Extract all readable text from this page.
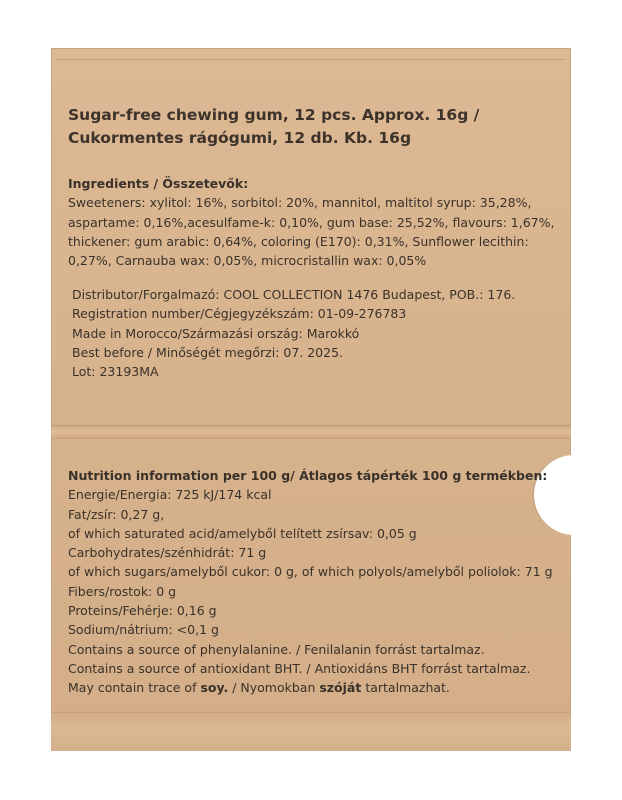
Sugar-free chewing gum, 12 pcs. Approx. 16g / Cukormentes rágógumi, 12 db. Kb. 16g
Ingredients / Összetevők:
Sweeteners: xylitol: 16%, sorbitol: 20%, mannitol, maltitol syrup: 35,28%,
aspartame: 0,16%,acesulfame-k: 0,10%, gum base: 25,52%, flavours: 1,67%,
thickener: gum arabic: 0,64%, coloring (E170): 0,31%, Sunflower lecithin:
0,27%, Carnauba wax: 0,05%, microcristallin wax: 0,05%
Distributor/Forgalmazó: COOL COLLECTION 1476 Budapest, POB.: 176.
Registration number/Cégjegyzékszám: 01-09-276783
Made in Morocco/Származási ország: Marokkó
Best before / Minőségét megőrzi: 07. 2025.
Lot: 23193MA
Nutrition information per 100 g/ Átlagos tápérték 100 g termékben:
Energie/Energia: 725 kJ/174 kcal
Fat/zsír: 0,27 g,
of which saturated acid/amelyből telített zsírsav: 0,05 g
Carbohydrates/szénhidrát: 71 g
of which sugars/amelyből cukor: 0 g, of which polyols/amelyből poliolok: 71 g
Fibers/rostok: 0 g
Proteins/Fehérje: 0,16 g
Sodium/nátrium: <0,1 g
Contains a source of phenylalanine. / Fenilalanin forrást tartalmaz.
Contains a source of antioxidant BHT. / Antioxidáns BHT forrást tartalmaz.
May contain trace of soy. / Nyomokban szóját tartalmazhat.
